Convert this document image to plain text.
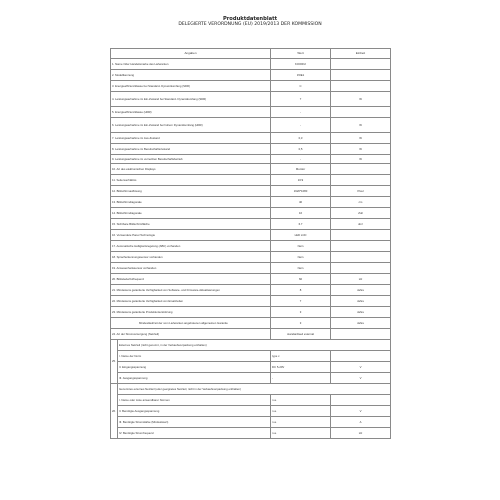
Produktdatenblatt
DELEGIERTE VERORDNUNG (EU) 2019/2013 DER KOMMISSION
Angaben		Wert	Einheit
1. Name Oder Handelsmarke des Lieferanten		KOORUI	
2. Modellkennung		15IE1	
3. Energieeffizienzklasse bei Standard- Dynamikumfang (SDR)		C	
4. Leistungsaufnahme im Ein-Zustand bei Standard- Dynamikumfang (SDR)		7	W
5. Energieeffizienzklasse (HDR)		-	
6. Leistungsaufnahme im Ein-Zustand bei hohem Dynamikumfang (HDR)		-	W
7. Leistungsaufnahme im Aus-Zustand		0,3	W
8. Leistungsaufnahme im Bereitschaftszustand		0,5	W
9. Leistungsaufnahme im vernetzten Bereitschaftsbetrieb		-	W
10. Art des elektronischen Displays		Monitor	
11. Seitenverhältnis		16:9	
12. Bildschirmauflösung		1920*1080	Pixel
13. Bildschirmdiagonale		40	cm
14. Bildschirmdiagonale		16	Zoll
15. Sichtbare Bildschirmfläche		6.7	dm²
16. Verwendete Panel Technologie		LED LCD	
17. Automatische Helligkeitsregelung (ABC) vorhanden		Nein	
18. Spracherkennungssensor vorhanden		Nein	
19. Anwesenheitssensor vorhanden		Nein	
20. Bildwiederholfrequenz		60	Hz
21. Mindestens garantierte Verfügbarkeit von Software- und Firmware-Aktualisierungen		8	Jahre
22. Mindestens garantierte Verfügbarkeit von Ersatzteilen		7	Jahre
23. Mindestens garantierte Produktunterstützung		3	Jahre
Mindestlaufzeit der vom Lieferanten angebotenen allgemeinen Garantie		3	Jahre
24. Art der Stromversorgung (Netzteil)		standardised external	
25.	Externes Netzteil (nicht genormt, in der Verkaufsverpackung enthalten)		
	I. Name der Norm	type c	
	II. Eingangsspannung	DC 5-20V	V
	III. Ausgangsspannung	-	V
26.	Genormtes externes Netzteil (oder geeignetes Netzteil, nicht in der Verkaufsverpackung enthalten)		
	I. Name oder Liste anwendbarer Normen	n.a.	
	II. Benötigte Ausgangsspannung	n.a.	V
	III. Benötigte Stromstärke (Mindestwert)	n.a.	A
	IV. Benötigte Stromfrequenz	n.a.	Hz
